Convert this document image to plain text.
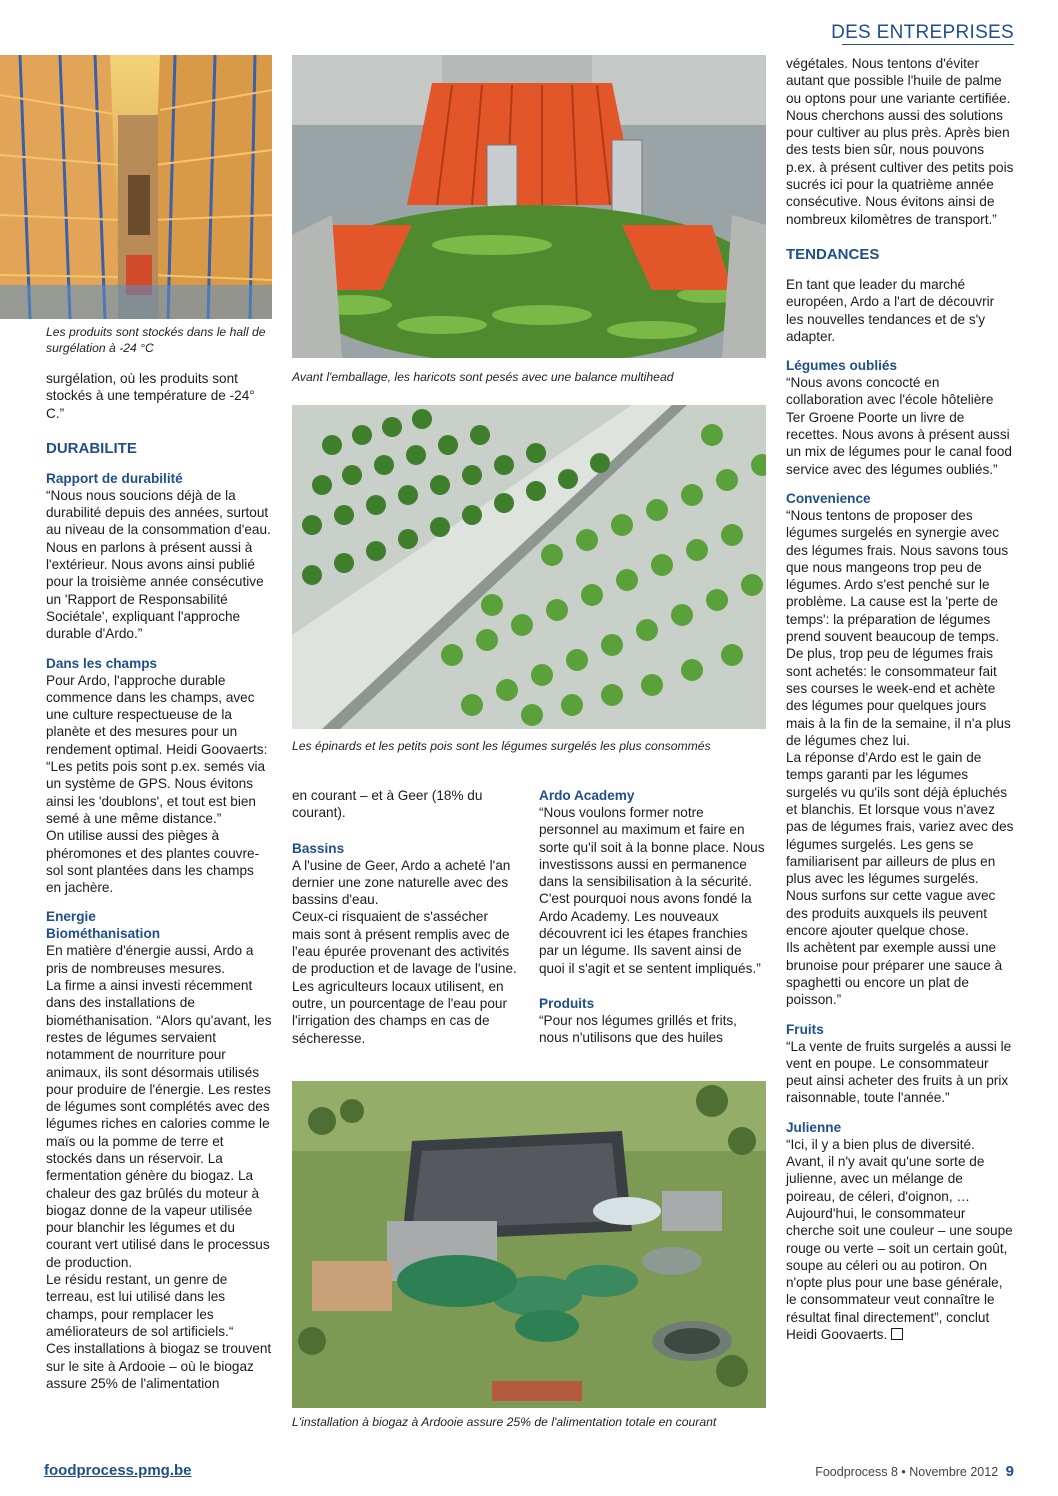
DES ENTREPRISES
Les produits sont stockés dans le hall de surgélation à -24 °C
Avant l'emballage, les haricots sont pesés avec une balance multihead
Les épinards et les petits pois sont les légumes surgelés les plus consommés
L'installation à biogaz à Ardooie assure 25% de l'alimentation totale en courant

surgélation, où les produits sont stockés à une température de -24° C.”

DURABILITE
Rapport de durabilité

“Nous nous soucions déjà de la durabilité depuis des années, surtout au niveau de la consommation d'eau. Nous en parlons à présent aussi à l'extérieur. Nous avons ainsi publié pour la troisième année consécutive un 'Rapport de Responsabilité Sociétale', expliquant l'approche durable d'Ardo.”

Dans les champs

Pour Ardo, l'approche durable commence dans les champs, avec une culture respectueuse de la planète et des mesures pour un rendement optimal. Heidi Goovaerts: “Les petits pois sont p.ex. semés via un système de GPS. Nous évitons ainsi les 'doublons', et tout est bien semé à une même distance.”

On utilise aussi des pièges à phéromones et des plantes couvre-sol sont plantées dans les champs en jachère.

Energie
Biométhanisation

En matière d'énergie aussi, Ardo a pris de nombreuses mesures.

La firme a ainsi investi récemment dans des installations de biométhanisation. “Alors qu'avant, les restes de légumes servaient notamment de nourriture pour animaux, ils sont désormais utilisés pour produire de l'énergie. Les restes de légumes sont complétés avec des légumes riches en calories comme le maïs ou la pomme de terre et stockés dans un réservoir. La fermentation génère du biogaz. La chaleur des gaz brûlés du moteur à biogaz donne de la vapeur utilisée pour blanchir les légumes et du courant vert utilisé dans le processus de production.

Le résidu restant, un genre de terreau, est lui utilisé dans les champs, pour remplacer les améliorateurs de sol artificiels.“

Ces installations à biogaz se trouvent sur le site à Ardooie – où le biogaz assure 25% de l'alimentation

en courant – et à Geer (18% du courant).

Bassins

A l'usine de Geer, Ardo a acheté l'an dernier une zone naturelle avec des bassins d'eau.

Ceux-ci risquaient de s'assécher mais sont à présent remplis avec de l'eau épurée provenant des activités de production et de lavage de l'usine.

Les agriculteurs locaux utilisent, en outre, un pourcentage de l'eau pour l'irrigation des champs en cas de sécheresse.

Ardo Academy

“Nous voulons former notre personnel au maximum et faire en sorte qu'il soit à la bonne place. Nous investissons aussi en permanence dans la sensibilisation à la sécurité. C'est pourquoi nous avons fondé la Ardo Academy. Les nouveaux découvrent ici les étapes franchies par un légume. Ils savent ainsi de quoi il s'agit et se sentent impliqués.”

Produits

“Pour nos légumes grillés et frits, nous n'utilisons que des huiles

végétales. Nous tentons d'éviter autant que possible l'huile de palme ou optons pour une variante certifiée. Nous cherchons aussi des solutions pour cultiver au plus près. Après bien des tests bien sûr, nous pouvons p.ex. à présent cultiver des petits pois sucrés ici pour la quatrième année consécutive. Nous évitons ainsi de nombreux kilomètres de transport.”

TENDANCES

En tant que leader du marché européen, Ardo a l'art de découvrir les nouvelles tendances et de s'y adapter.

Légumes oubliés

“Nous avons concocté en collaboration avec l'école hôtelière Ter Groene Poorte un livre de recettes. Nous avons à présent aussi un mix de légumes pour le canal food service avec des légumes oubliés.”

Convenience

“Nous tentons de proposer des légumes surgelés en synergie avec des légumes frais. Nous savons tous que nous mangeons trop peu de légumes. Ardo s'est penché sur le problème. La cause est la 'perte de temps': la préparation de légumes prend souvent beaucoup de temps. De plus, trop peu de légumes frais sont achetés: le consommateur fait ses courses le week-end et achète des légumes pour quelques jours mais à la fin de la semaine, il n'a plus de légumes chez lui.

La réponse d'Ardo est le gain de temps garanti par les légumes surgelés vu qu'ils sont déjà épluchés et blanchis. Et lorsque vous n'avez pas de légumes frais, variez avec des légumes surgelés. Les gens se familiarisent par ailleurs de plus en plus avec les légumes surgelés. Nous surfons sur cette vague avec des produits auxquels ils peuvent encore ajouter quelque chose.

Ils achètent par exemple aussi une brunoise pour préparer une sauce à spaghetti ou encore un plat de poisson.”

Fruits

“La vente de fruits surgelés a aussi le vent en poupe. Le consommateur peut ainsi acheter des fruits à un prix raisonnable, toute l'année.”

Julienne

“Ici, il y a bien plus de diversité. Avant, il n'y avait qu'une sorte de julienne, avec un mélange de poireau, de céleri, d'oignon, … Aujourd'hui, le consommateur cherche soit une couleur – une soupe rouge ou verte – soit un certain goût, soupe au céleri ou au potiron. On n'opte plus pour une base générale, le consommateur veut connaître le résultat final directement”, conclut Heidi Goovaerts.

foodprocess.pmg.be	Foodprocess 8 • Novembre 2012 9
